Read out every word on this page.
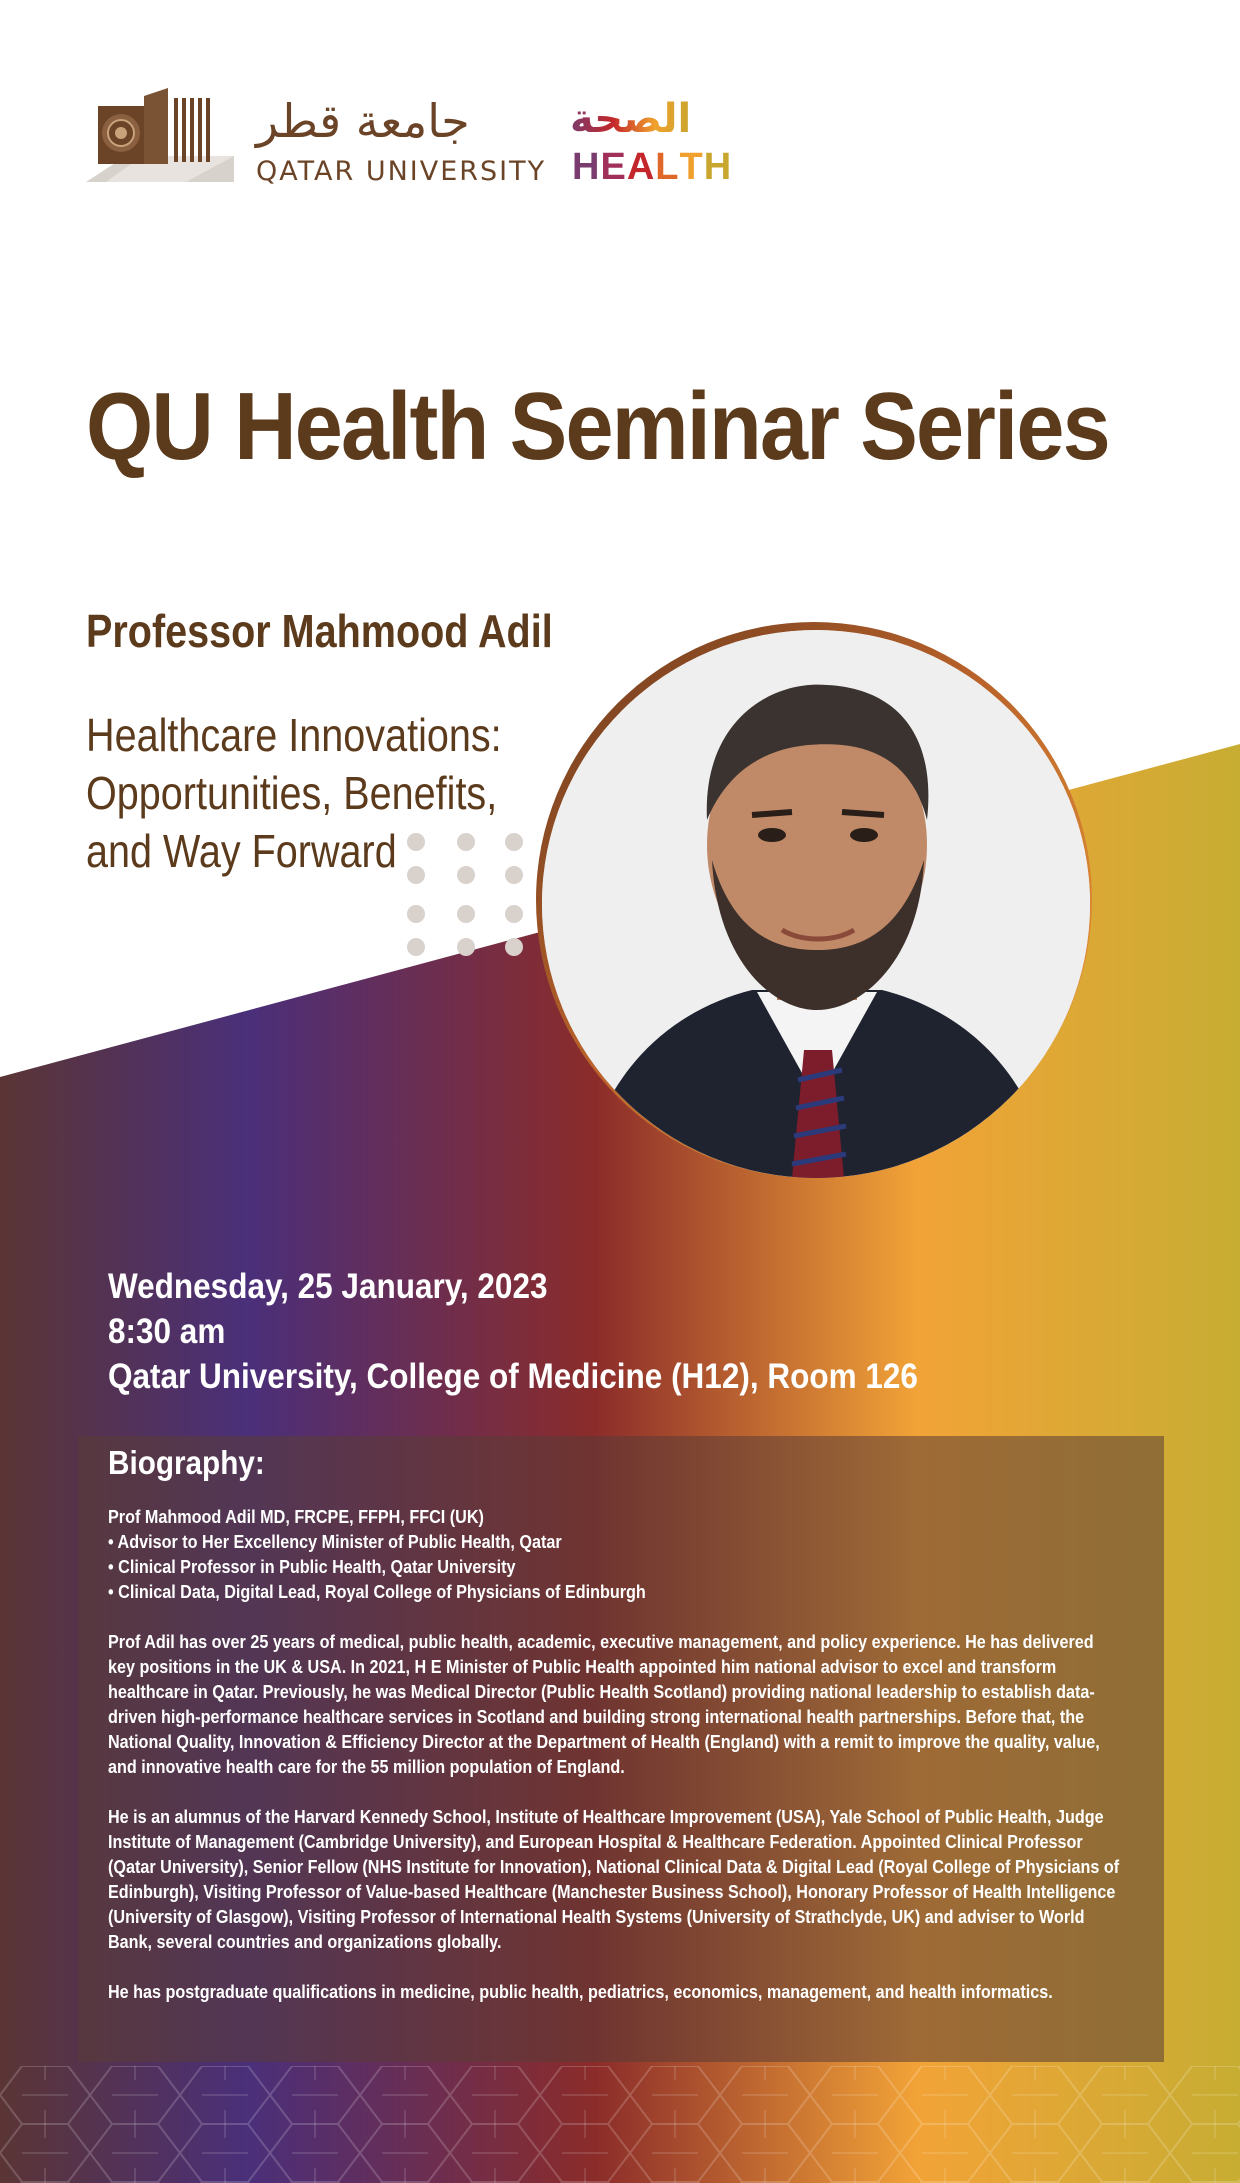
جامعة قطر
QATAR UNIVERSITY
الصحة
HEALTH
QU Health Seminar Series
Professor Mahmood Adil
Healthcare Innovations:
Opportunities, Benefits,
and Way Forward
Wednesday, 25 January, 2023
8:30 am
Qatar University, College of Medicine (H12), Room 126
Biography:

Prof Mahmood Adil MD, FRCPE, FFPH, FFCI (UK)
• Advisor to Her Excellency Minister of Public Health, Qatar
• Clinical Professor in Public Health, Qatar University
• Clinical Data, Digital Lead, Royal College of Physicians of Edinburgh

Prof Adil has over 25 years of medical, public health, academic, executive management, and policy experience. He has delivered key positions in the UK & USA. In 2021, H E Minister of Public Health appointed him national advisor to excel and transform healthcare in Qatar. Previously, he was Medical Director (Public Health Scotland) providing national leadership to establish data-driven high-performance healthcare services in Scotland and building strong international health partnerships. Before that, the National Quality, Innovation & Efficiency Director at the Department of Health (England) with a remit to improve the quality, value, and innovative health care for the 55 million population of England.

He is an alumnus of the Harvard Kennedy School, Institute of Healthcare Improvement (USA), Yale School of Public Health, Judge Institute of Management (Cambridge University), and European Hospital & Healthcare Federation. Appointed Clinical Professor (Qatar University), Senior Fellow (NHS Institute for Innovation), National Clinical Data & Digital Lead (Royal College of Physicians of Edinburgh), Visiting Professor of Value-based Healthcare (Manchester Business School), Honorary Professor of Health Intelligence (University of Glasgow), Visiting Professor of International Health Systems (University of Strathclyde, UK) and adviser to World Bank, several countries and organizations globally.

He has postgraduate qualifications in medicine, public health, pediatrics, economics, management, and health informatics.
